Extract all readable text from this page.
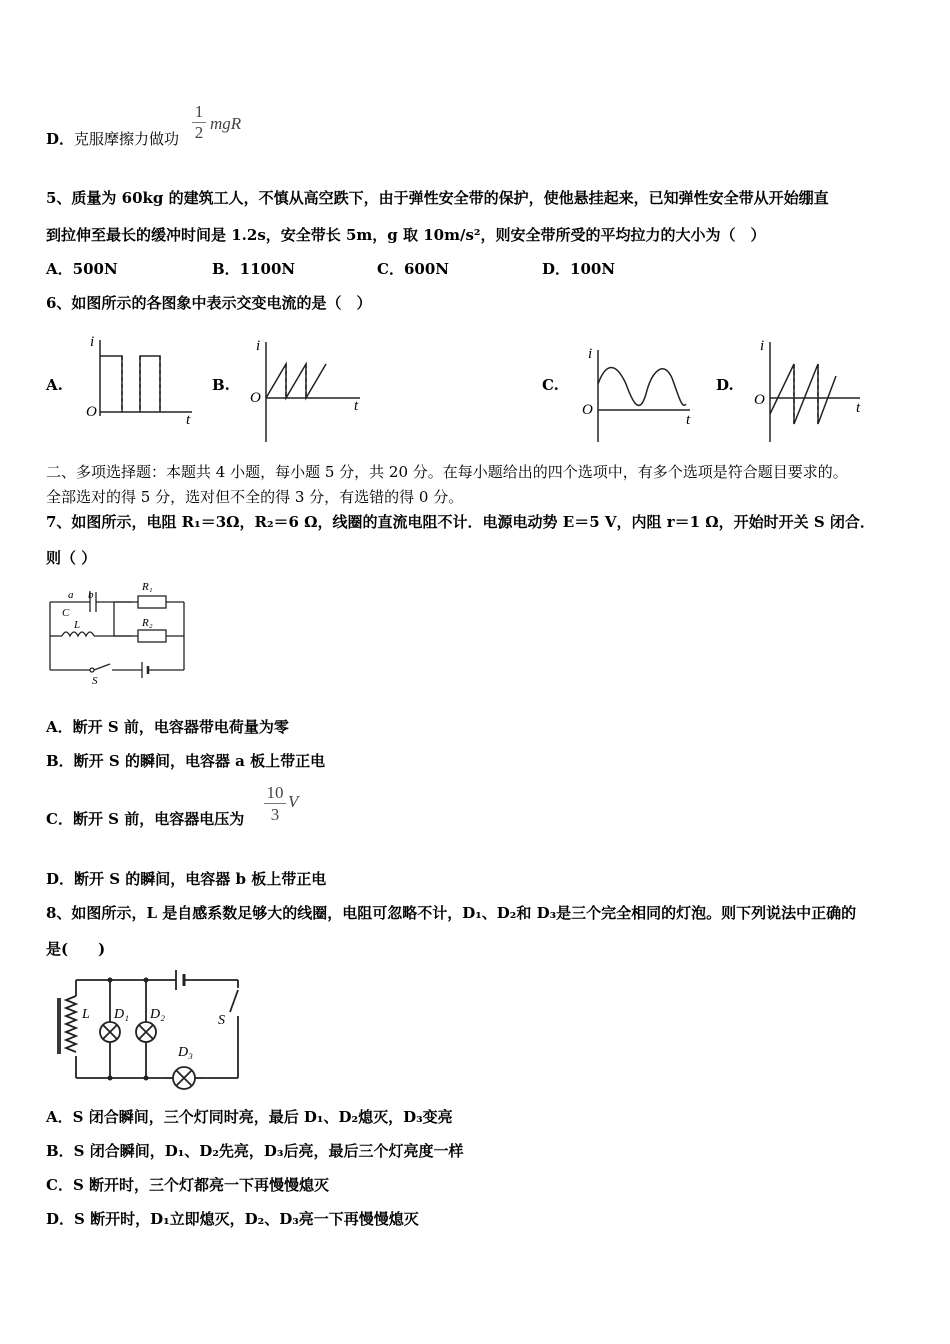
D．克服摩擦力做功 $\frac{1}{2}$ mgR
5、质量为 60kg 的建筑工人，不慎从高空跌下，由于弹性安全带的保护，使他悬挂起来，已知弹性安全带从开始绷直
到拉伸至最长的缓冲时间是 1.2s，安全带长 5m，g 取 10m/s²，则安全带所受的平均拉力的大小为（　）
A．500N	B．1100N	C．600N	D．100N
6、如图所示的各图象中表示交变电流的是（　）
A.	B.	C.	D.
i
O	t
i
O	t
i
O
t
i
O	t
二、多项选择题：本题共 4 小题，每小题 5 分，共 20 分。在每小题给出的四个选项中，有多个选项是符合题目要求的。
全部选对的得 5 分，选对但不全的得 3 分，有选错的得 0 分。
7、如图所示，电阻 R₁＝3Ω，R₂＝6 Ω，线圈的直流电阻不计．电源电动势 E＝5 V，内阻 r＝1 Ω，开始时开关 S 闭合．
则（ ）
a b
C
L
R₁
R₂
S
A．断开 S 前，电容器带电荷量为零
B．断开 S 的瞬间，电容器 a 板上带正电
C．断开 S 前，电容器电压为 $\frac{10}{3}$ V
D．断开 S 的瞬间，电容器 b 板上带正电
8、如图所示，L 是自感系数足够大的线圈，电阻可忽略不计，D₁、D₂和 D₃是三个完全相同的灯泡。则下列说法中正确的
是(　　)
L D₁ D₂
D₃
S
A．S 闭合瞬间，三个灯同时亮，最后 D₁、D₂熄灭，D₃变亮
B．S 闭合瞬间，D₁、D₂先亮，D₃后亮，最后三个灯亮度一样
C．S 断开时，三个灯都亮一下再慢慢熄灭
D．S 断开时，D₁立即熄灭，D₂、D₃亮一下再慢慢熄灭
